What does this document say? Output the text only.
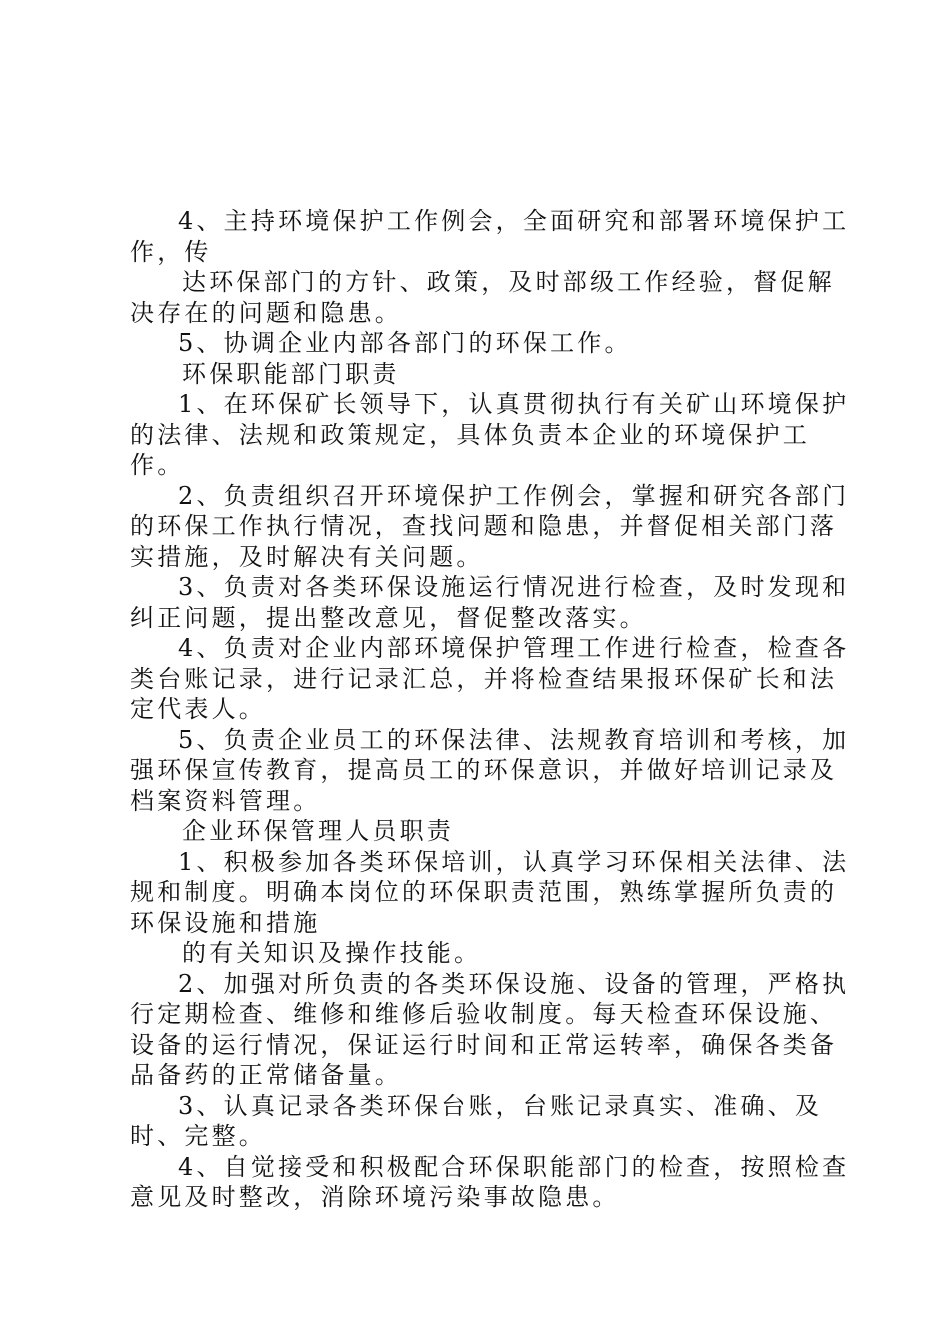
4、主持环境保护工作例会，全面研究和部署环境保护工作，传

达环保部门的方针、政策，及时部级工作经验，督促解决存在的问题和隐患。

5、协调企业内部各部门的环保工作。

环保职能部门职责

1、在环保矿长领导下，认真贯彻执行有关矿山环境保护的法律、法规和政策规定，具体负责本企业的环境保护工作。

2、负责组织召开环境保护工作例会，掌握和研究各部门的环保工作执行情况，查找问题和隐患，并督促相关部门落实措施，及时解决有关问题。

3、负责对各类环保设施运行情况进行检查，及时发现和纠正问题，提出整改意见，督促整改落实。

4、负责对企业内部环境保护管理工作进行检查，检查各类台账记录，进行记录汇总，并将检查结果报环保矿长和法定代表人。

5、负责企业员工的环保法律、法规教育培训和考核，加强环保宣传教育，提高员工的环保意识，并做好培训记录及档案资料管理。

企业环保管理人员职责

1、积极参加各类环保培训，认真学习环保相关法律、法规和制度。明确本岗位的环保职责范围，熟练掌握所负责的环保设施和措施

的有关知识及操作技能。

2、加强对所负责的各类环保设施、设备的管理，严格执行定期检查、维修和维修后验收制度。每天检查环保设施、设备的运行情况，保证运行时间和正常运转率，确保各类备品备药的正常储备量。

3、认真记录各类环保台账，台账记录真实、准确、及时、完整。

4、自觉接受和积极配合环保职能部门的检查，按照检查意见及时整改，消除环境污染事故隐患。
